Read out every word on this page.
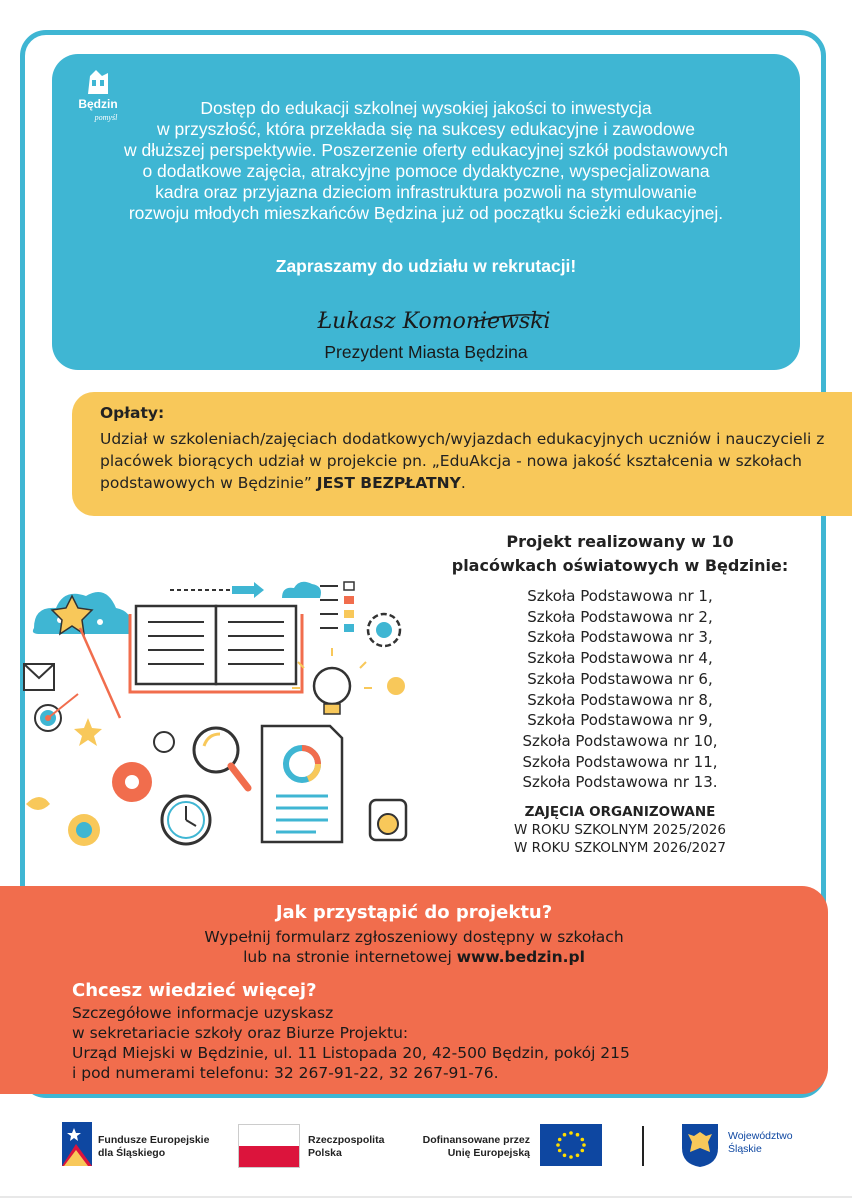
Będzin
pomyśl	Dostęp do edukacji szkolnej wysokiej jakości to inwestycja
w przyszłość, która przekłada się na sukcesy edukacyjne i zawodowe
w dłuższej perspektywie. Poszerzenie oferty edukacyjnej szkół podstawowych
o dodatkowe zajęcia, atrakcyjne pomoce dydaktyczne, wyspecjalizowana
kadra oraz przyjazna dzieciom infrastruktura pozwoli na stymulowanie
rozwoju młodych mieszkańców Będzina już od początku ścieżki edukacyjnej.

Zapraszamy do udziału w rekrutacji!
Łukasz Komoniewski
Prezydent Miasta Będzina
Opłaty:

Udział w szkoleniach/zajęciach dodatkowych/wyjazdach edukacyjnych uczniów i nauczycieli z placówek biorących udział w projekcie pn. „EduAkcja - nowa jakość kształcenia w szkołach podstawowych w Będzinie” JEST BEZPŁATNY.

Projekt realizowany w 10
placówkach oświatowych w Będzinie:
Szkoła Podstawowa nr 1,
Szkoła Podstawowa nr 2,
Szkoła Podstawowa nr 3,
Szkoła Podstawowa nr 4,
Szkoła Podstawowa nr 6,
Szkoła Podstawowa nr 8,
Szkoła Podstawowa nr 9,
Szkoła Podstawowa nr 10,
Szkoła Podstawowa nr 11,
Szkoła Podstawowa nr 13.
ZAJĘCIA ORGANIZOWANE
W ROKU SZKOLNYM 2025/2026
W ROKU SZKOLNYM 2026/2027
Jak przystąpić do projektu?
Wypełnij formularz zgłoszeniowy dostępny w szkołach
lub na stronie internetowej www.bedzin.pl
Chcesz wiedzieć więcej?
Szczegółowe informacje uzyskasz
w sekretariacie szkoły oraz Biurze Projektu:
Urząd Miejski w Będzinie, ul. 11 Listopada 20, 42-500 Będzin, pokój 215
i pod numerami telefonu: 32 267-91-22, 32 267-91-76.
Fundusze Europejskie
dla Śląskiego
Rzeczpospolita
Polska
Dofinansowane przez
Unię Europejską
Województwo
Śląskie
